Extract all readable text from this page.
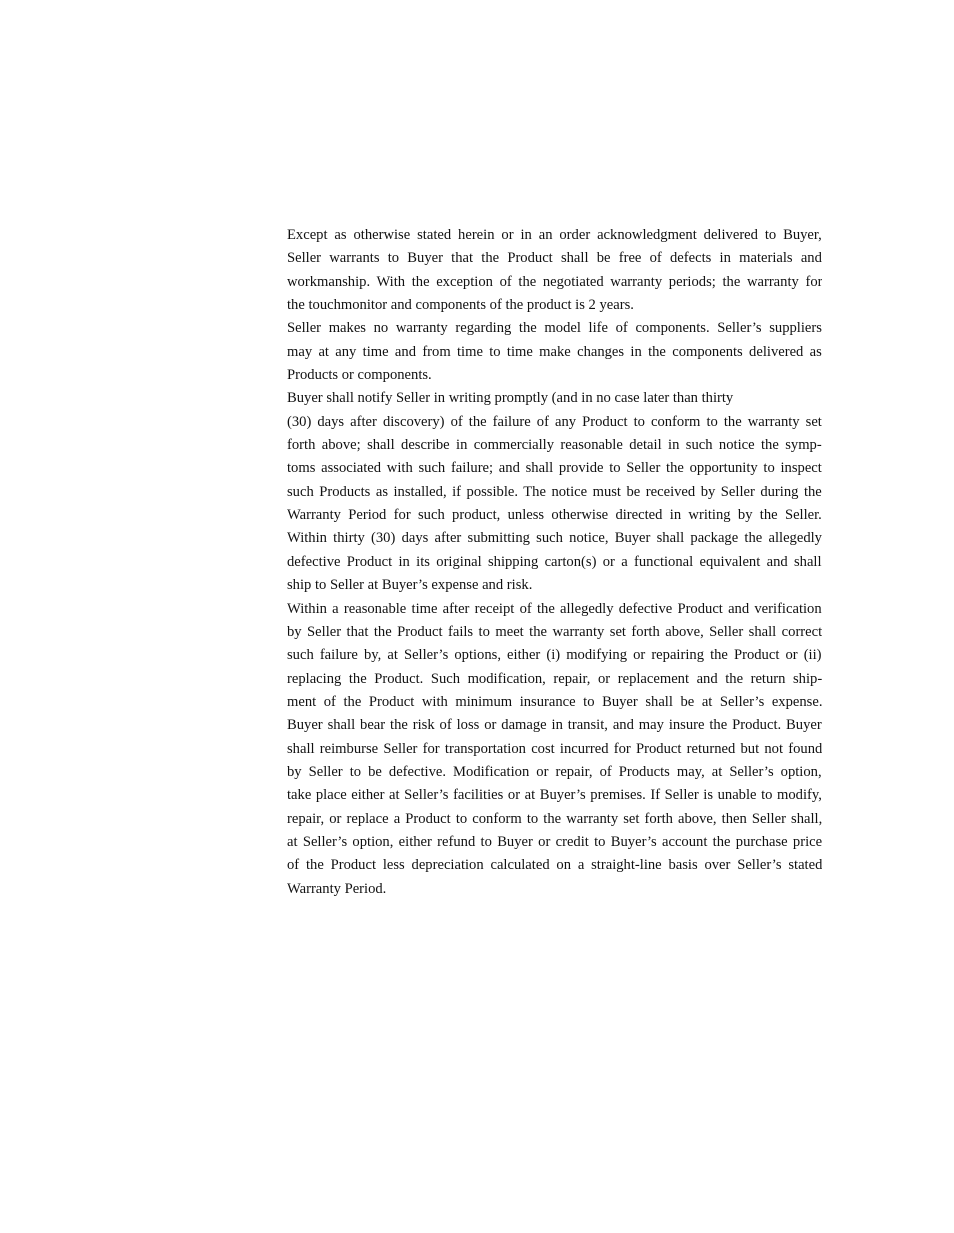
Except as otherwise stated herein or in an order acknowledgment delivered to Buyer,
Seller warrants to Buyer that the Product shall be free of defects in materials and
workmanship. With the exception of the negotiated warranty periods; the warranty for
the touchmonitor and components of the product is 2 years.
Seller makes no warranty regarding the model life of components. Seller’s suppliers
may at any time and from time to time make changes in the components delivered as
Products or components.
Buyer shall notify Seller in writing promptly (and in no case later than thirty
(30) days after discovery) of the failure of any Product to conform to the warranty set
forth above; shall describe in commercially reasonable detail in such notice the symp-
toms associated with such failure; and shall provide to Seller the opportunity to inspect
such Products as installed, if possible. The notice must be received by Seller during the
Warranty Period for such product, unless otherwise directed in writing by the Seller.
Within thirty (30) days after submitting such notice, Buyer shall package the allegedly
defective Product in its original shipping carton(s) or a functional equivalent and shall
ship to Seller at Buyer’s expense and risk.
Within a reasonable time after receipt of the allegedly defective Product and verification
by Seller that the Product fails to meet the warranty set forth above, Seller shall correct
such failure by, at Seller’s options, either (i) modifying or repairing the Product or (ii)
replacing the Product. Such modification, repair, or replacement and the return ship-
ment of the Product with minimum insurance to Buyer shall be at Seller’s expense.
Buyer shall bear the risk of loss or damage in transit, and may insure the Product. Buyer
shall reimburse Seller for transportation cost incurred for Product returned but not found
by Seller to be defective. Modification or repair, of Products may, at Seller’s option,
take place either at Seller’s facilities or at Buyer’s premises. If Seller is unable to modify,
repair, or replace a Product to conform to the warranty set forth above, then Seller shall,
at Seller’s option, either refund to Buyer or credit to Buyer’s account the purchase price
of the Product less depreciation calculated on a straight-line basis over Seller’s stated
Warranty Period.
